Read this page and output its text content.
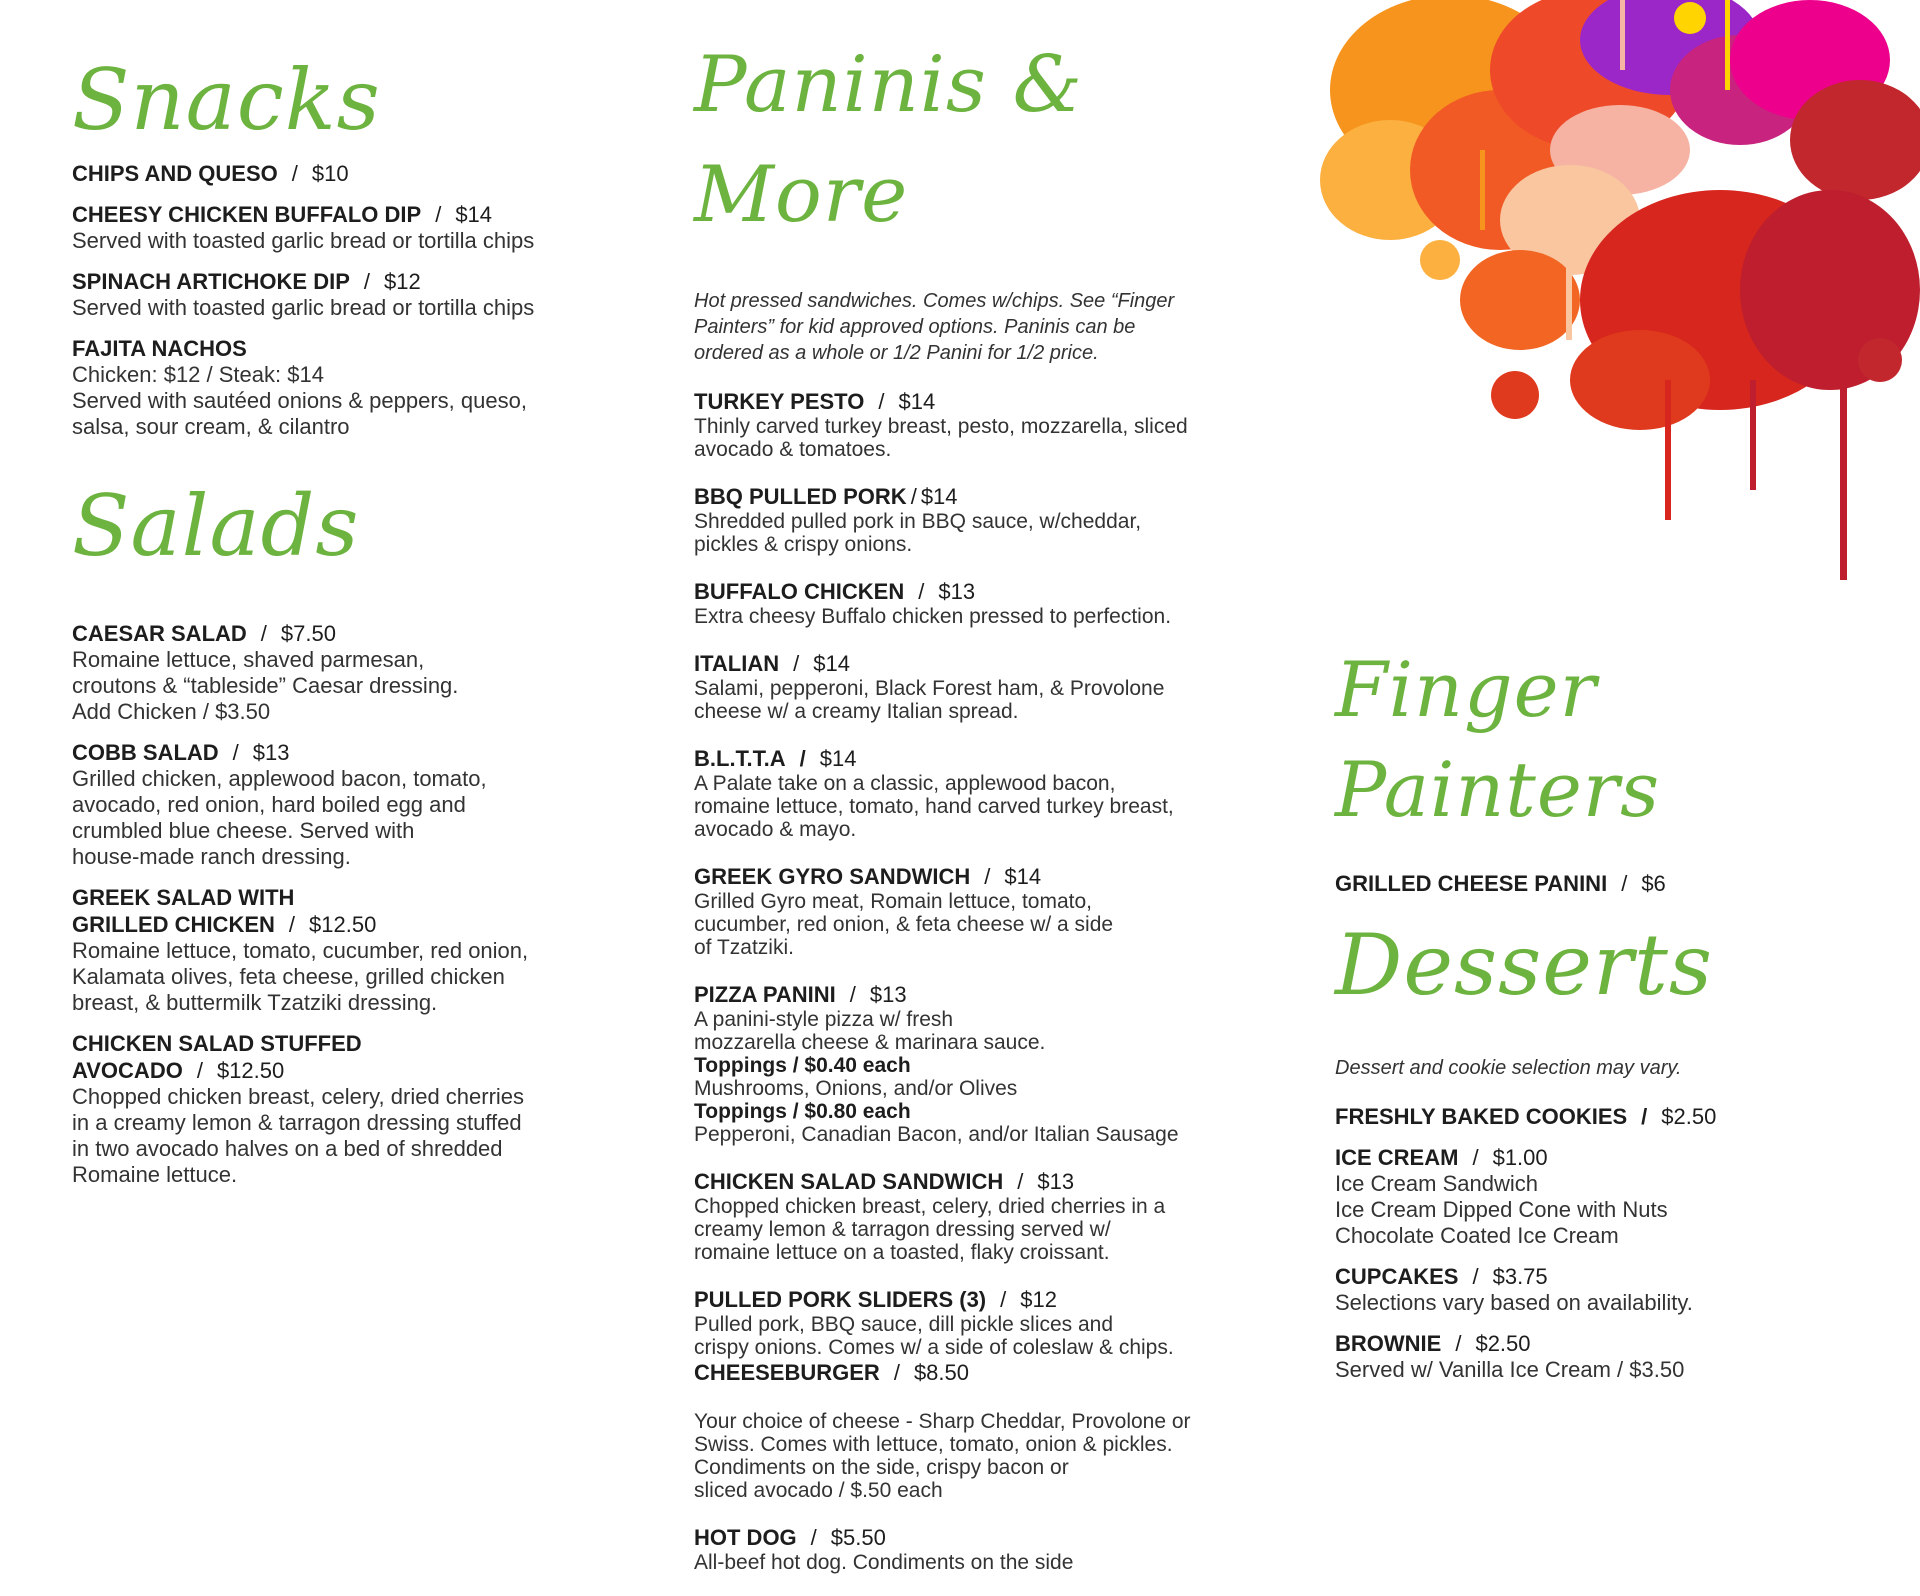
Snacks
CHIPS AND QUESO / $10
CHEESY CHICKEN BUFFALO DIP / $14
Served with toasted garlic bread or tortilla chips
SPINACH ARTICHOKE DIP / $12
Served with toasted garlic bread or tortilla chips
FAJITA NACHOS
Chicken: $12 / Steak: $14
Served with sautéed onions & peppers, queso,
salsa, sour cream, & cilantro
Salads
CAESAR SALAD / $7.50
Romaine lettuce, shaved parmesan,
croutons & “tableside” Caesar dressing.
Add Chicken / $3.50
COBB SALAD / $13
Grilled chicken, applewood bacon, tomato,
avocado, red onion, hard boiled egg and
crumbled blue cheese. Served with
house-made ranch dressing.
GREEK SALAD WITH
GRILLED CHICKEN / $12.50
Romaine lettuce, tomato, cucumber, red onion,
Kalamata olives, feta cheese, grilled chicken
breast, & buttermilk Tzatziki dressing.
CHICKEN SALAD STUFFED
AVOCADO / $12.50
Chopped chicken breast, celery, dried cherries
in a creamy lemon & tarragon dressing stuffed
in two avocado halves on a bed of shredded
Romaine lettuce.
Paninis & More
Hot pressed sandwiches. Comes w/chips. See “Finger
Painters” for kid approved options. Paninis can be
ordered as a whole or 1/2 Panini for 1/2 price.
TURKEY PESTO / $14
Thinly carved turkey breast, pesto, mozzarella, sliced
avocado & tomatoes.
BBQ PULLED PORK / $14
Shredded pulled pork in BBQ sauce, w/cheddar,
pickles & crispy onions.
BUFFALO CHICKEN / $13
Extra cheesy Buffalo chicken pressed to perfection.
ITALIAN / $14
Salami, pepperoni, Black Forest ham, & Provolone
cheese w/ a creamy Italian spread.
B.L.T.T.A / $14
A Palate take on a classic, applewood bacon,
romaine lettuce, tomato, hand carved turkey breast,
avocado & mayo.
GREEK GYRO SANDWICH / $14
Grilled Gyro meat, Romain lettuce, tomato,
cucumber, red onion, & feta cheese w/ a side
of Tzatziki.
PIZZA PANINI / $13
A panini-style pizza w/ fresh
mozzarella cheese & marinara sauce.
Toppings / $0.40 each
Mushrooms, Onions, and/or Olives
Toppings / $0.80 each
Pepperoni, Canadian Bacon, and/or Italian Sausage
CHICKEN SALAD SANDWICH / $13
Chopped chicken breast, celery, dried cherries in a
creamy lemon & tarragon dressing served w/
romaine lettuce on a toasted, flaky croissant.
PULLED PORK SLIDERS (3) / $12
Pulled pork, BBQ sauce, dill pickle slices and
crispy onions. Comes w/ a side of coleslaw & chips.
CHEESEBURGER / $8.50
Your choice of cheese - Sharp Cheddar, Provolone or
Swiss. Comes with lettuce, tomato, onion & pickles.
Condiments on the side, crispy bacon or
sliced avocado / $.50 each
HOT DOG / $5.50
All-beef hot dog. Condiments on the side
Finger Painters
GRILLED CHEESE PANINI / $6
Desserts
Dessert and cookie selection may vary.
FRESHLY BAKED COOKIES / $2.50
ICE CREAM / $1.00
Ice Cream Sandwich
Ice Cream Dipped Cone with Nuts
Chocolate Coated Ice Cream
CUPCAKES / $3.75
Selections vary based on availability.
BROWNIE / $2.50
Served w/ Vanilla Ice Cream / $3.50
